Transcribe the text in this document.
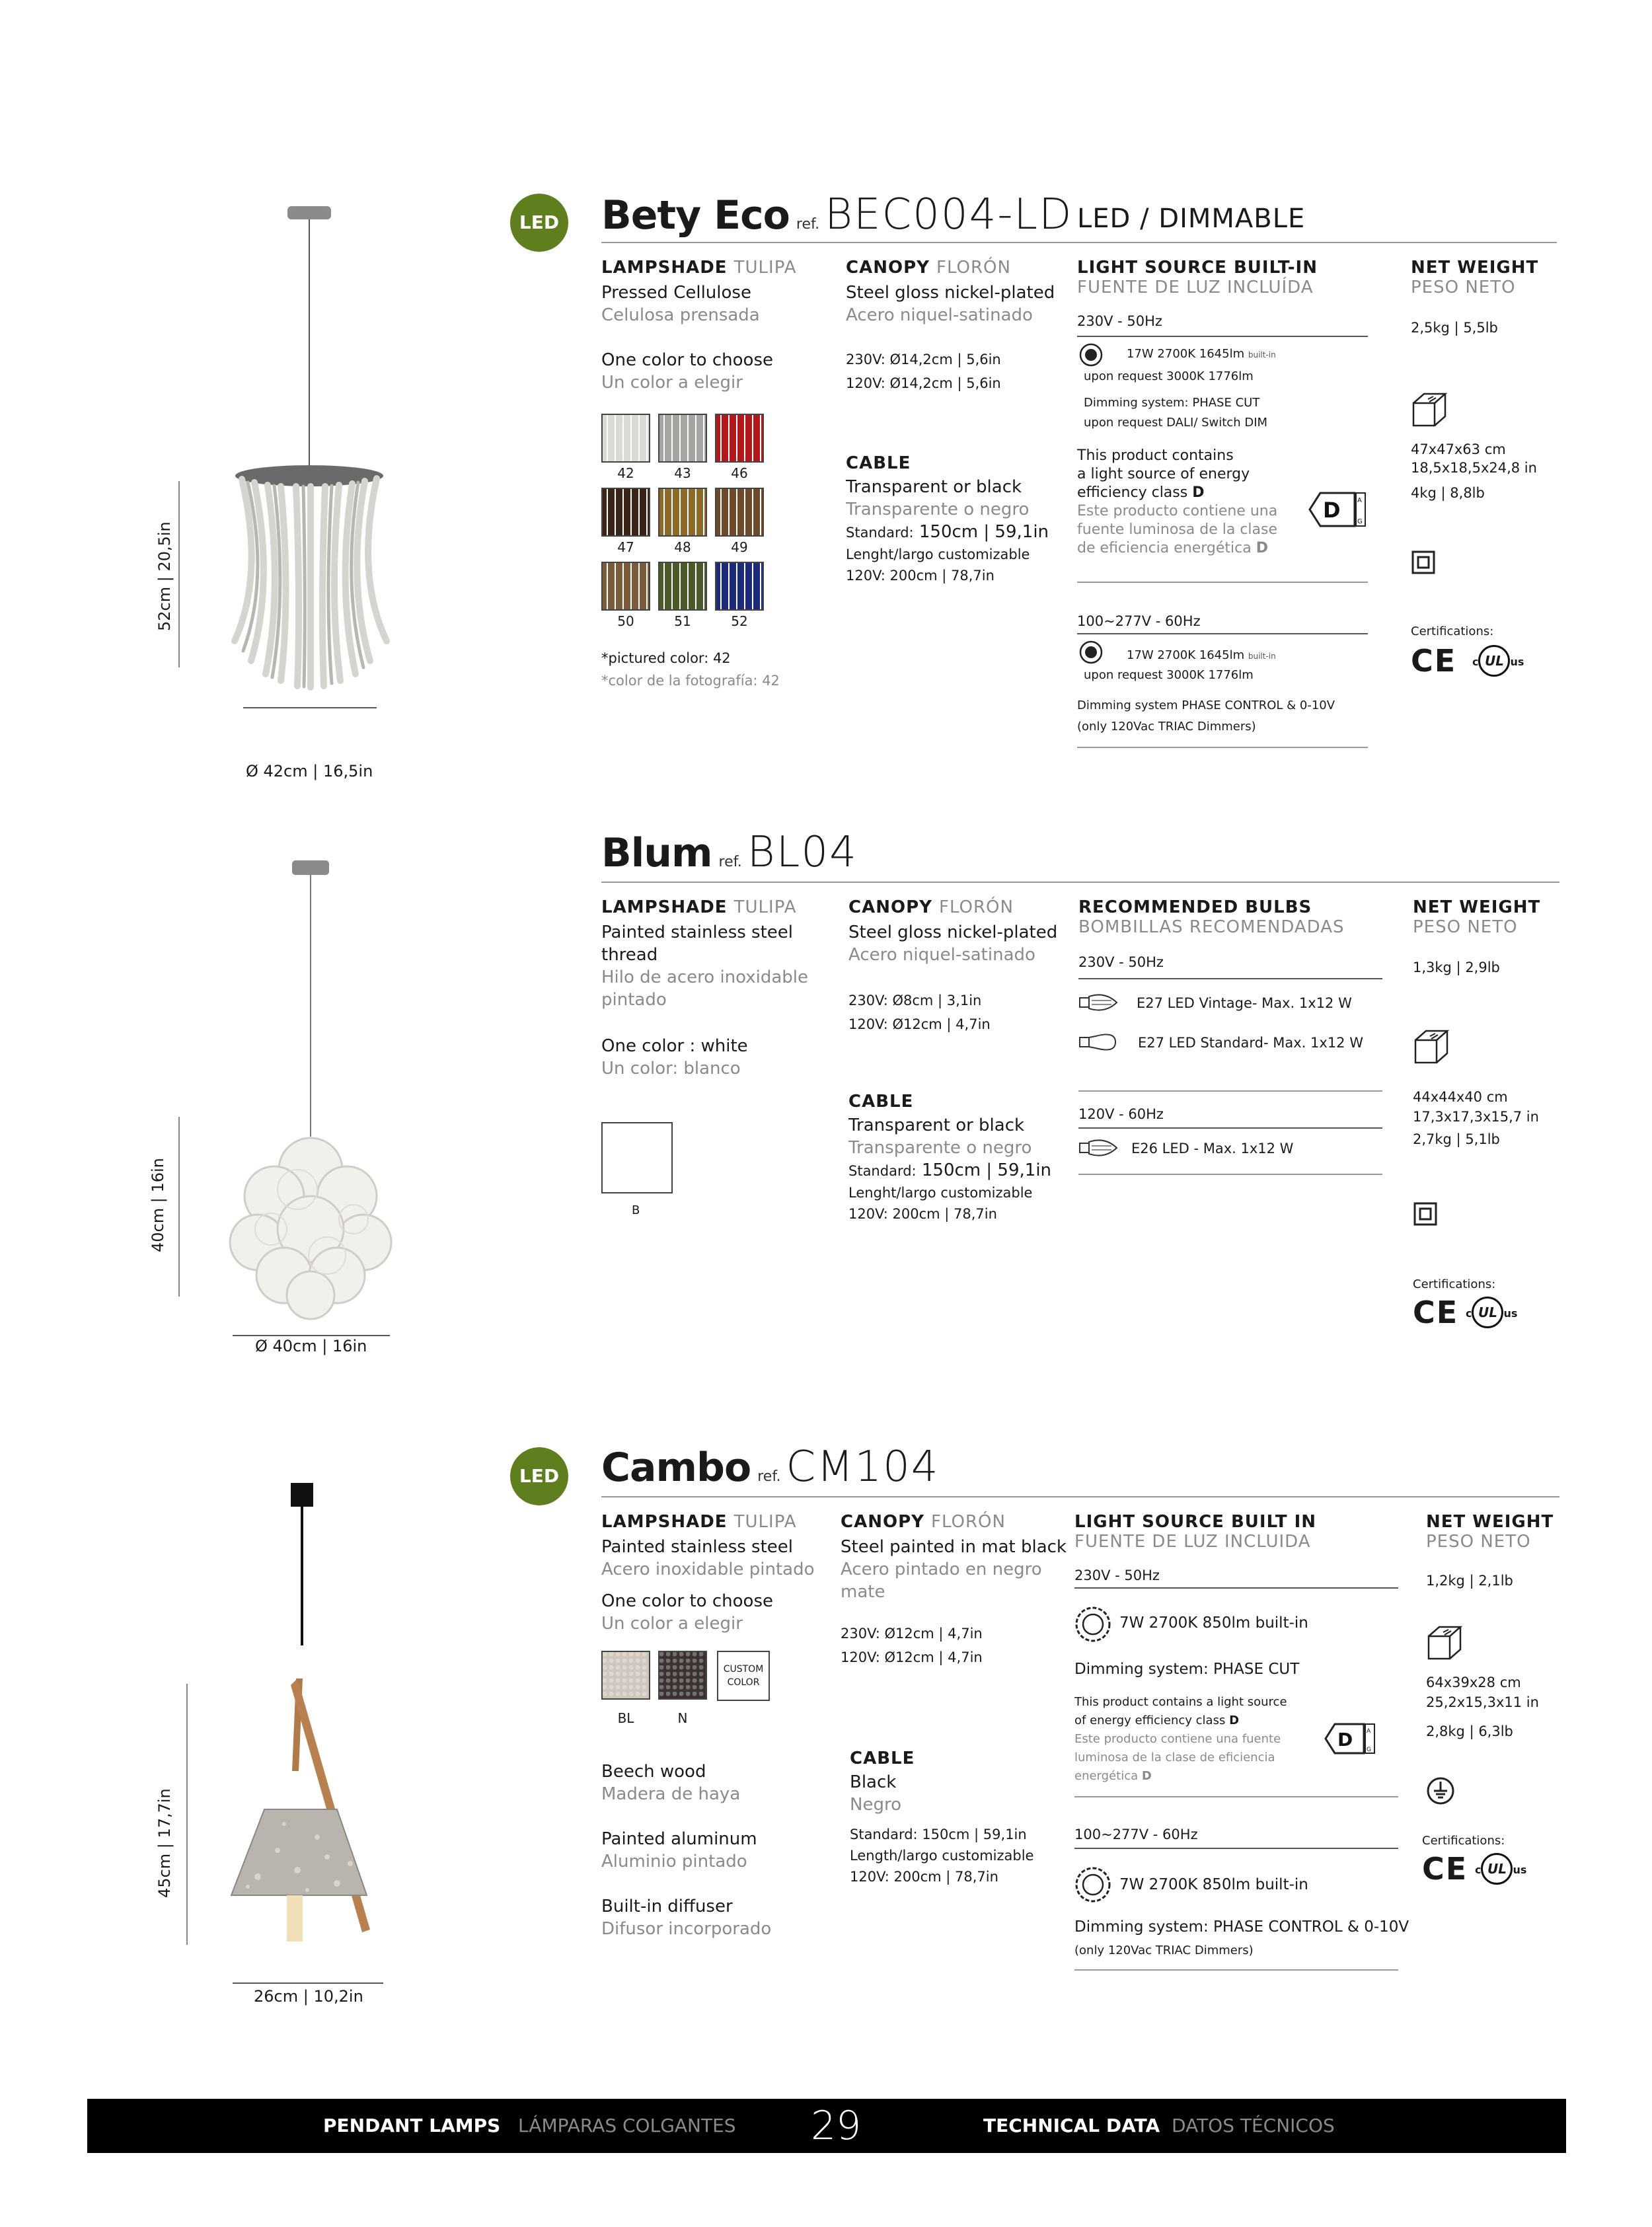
52cm | 20,5in
Ø 42cm | 16,5in
LED Bety Eco ref. BEC004-LD LED / DIMMABLE
LAMPSHADE TULIPA
Pressed Cellulose
Celulosa prensada
One color to choose
Un color a elegir
42	43	46
47	48	49
50	51	52
*pictured color: 42
*color de la fotografía: 42
CANOPY FLORÓN
Steel gloss nickel-plated
Acero niquel-satinado
230V: Ø14,2cm | 5,6in
120V: Ø14,2cm | 5,6in
CABLE
Transparent or black
Transparente o negro
Standard: 150cm | 59,1in
Lenght/largo customizable
120V: 200cm | 78,7in
LIGHT SOURCE BUILT-IN
FUENTE DE LUZ INCLUÍDA
230V - 50Hz
17W 2700K 1645lm built-in
upon request 3000K 1776lm
Dimming system: PHASE CUT
upon request DALI/ Switch DIM
This product contains
a light source of energy
efficiency class D
Este producto contiene una
fuente luminosa de la clase
de eficiencia energética D
D	A
G
100~277V - 60Hz
17W 2700K 1645lm built-in
upon request 3000K 1776lm
Dimming system PHASE CONTROL & 0-10V
(only 120Vac TRIAC Dimmers)
NET WEIGHT
PESO NETO
2,5kg | 5,5lb
47x47x63 cm
18,5x18,5x24,8 in
4kg | 8,8lb
Certifications:
CE c UL us
40cm | 16in
Ø 40cm | 16in
Blum ref. BL04
LAMPSHADE TULIPA
Painted stainless steel
thread
Hilo de acero inoxidable
pintado
One color : white
Un color: blanco
B
CANOPY FLORÓN
Steel gloss nickel-plated
Acero niquel-satinado
230V: Ø8cm | 3,1in
120V: Ø12cm | 4,7in
CABLE
Transparent or black
Transparente o negro
Standard: 150cm | 59,1in
Lenght/largo customizable
120V: 200cm | 78,7in
RECOMMENDED BULBS
BOMBILLAS RECOMENDADAS
230V - 50Hz
E27 LED Vintage- Max. 1x12 W
E27 LED Standard- Max. 1x12 W
120V - 60Hz
E26 LED - Max. 1x12 W
NET WEIGHT
PESO NETO
1,3kg | 2,9lb
44x44x40 cm
17,3x17,3x15,7 in
2,7kg | 5,1lb
Certifications:
CE c UL us
45cm | 17,7in
26cm | 10,2in
LED Cambo ref. CM104
LAMPSHADE TULIPA
Painted stainless steel
Acero inoxidable pintado
One color to choose
Un color a elegir
BL	N
CUSTOM
COLOR
Beech wood
Madera de haya
Painted aluminum
Aluminio pintado
Built-in diffuser
Difusor incorporado
CANOPY FLORÓN
Steel painted in mat black
Acero pintado en negro
mate
230V: Ø12cm | 4,7in
120V: Ø12cm | 4,7in
CABLE
Black
Negro
Standard: 150cm | 59,1in
Length/largo customizable
120V: 200cm | 78,7in
LIGHT SOURCE BUILT IN
FUENTE DE LUZ INCLUIDA
230V - 50Hz
7W 2700K 850lm built-in
Dimming system: PHASE CUT
This product contains a light source
of energy efficiency class D
Este producto contiene una fuente
luminosa de la clase de eficiencia
energética D
D A
G
100~277V - 60Hz
7W 2700K 850lm built-in
Dimming system: PHASE CONTROL & 0-10V
(only 120Vac TRIAC Dimmers)
NET WEIGHT
PESO NETO
1,2kg | 2,1lb
64x39x28 cm
25,2x15,3x11 in
2,8kg | 6,3lb
Certifications:
CE c UL us
PENDANT LAMPS LÁMPARAS COLGANTES 29	TECHNICAL DATA DATOS TÉCNICOS
